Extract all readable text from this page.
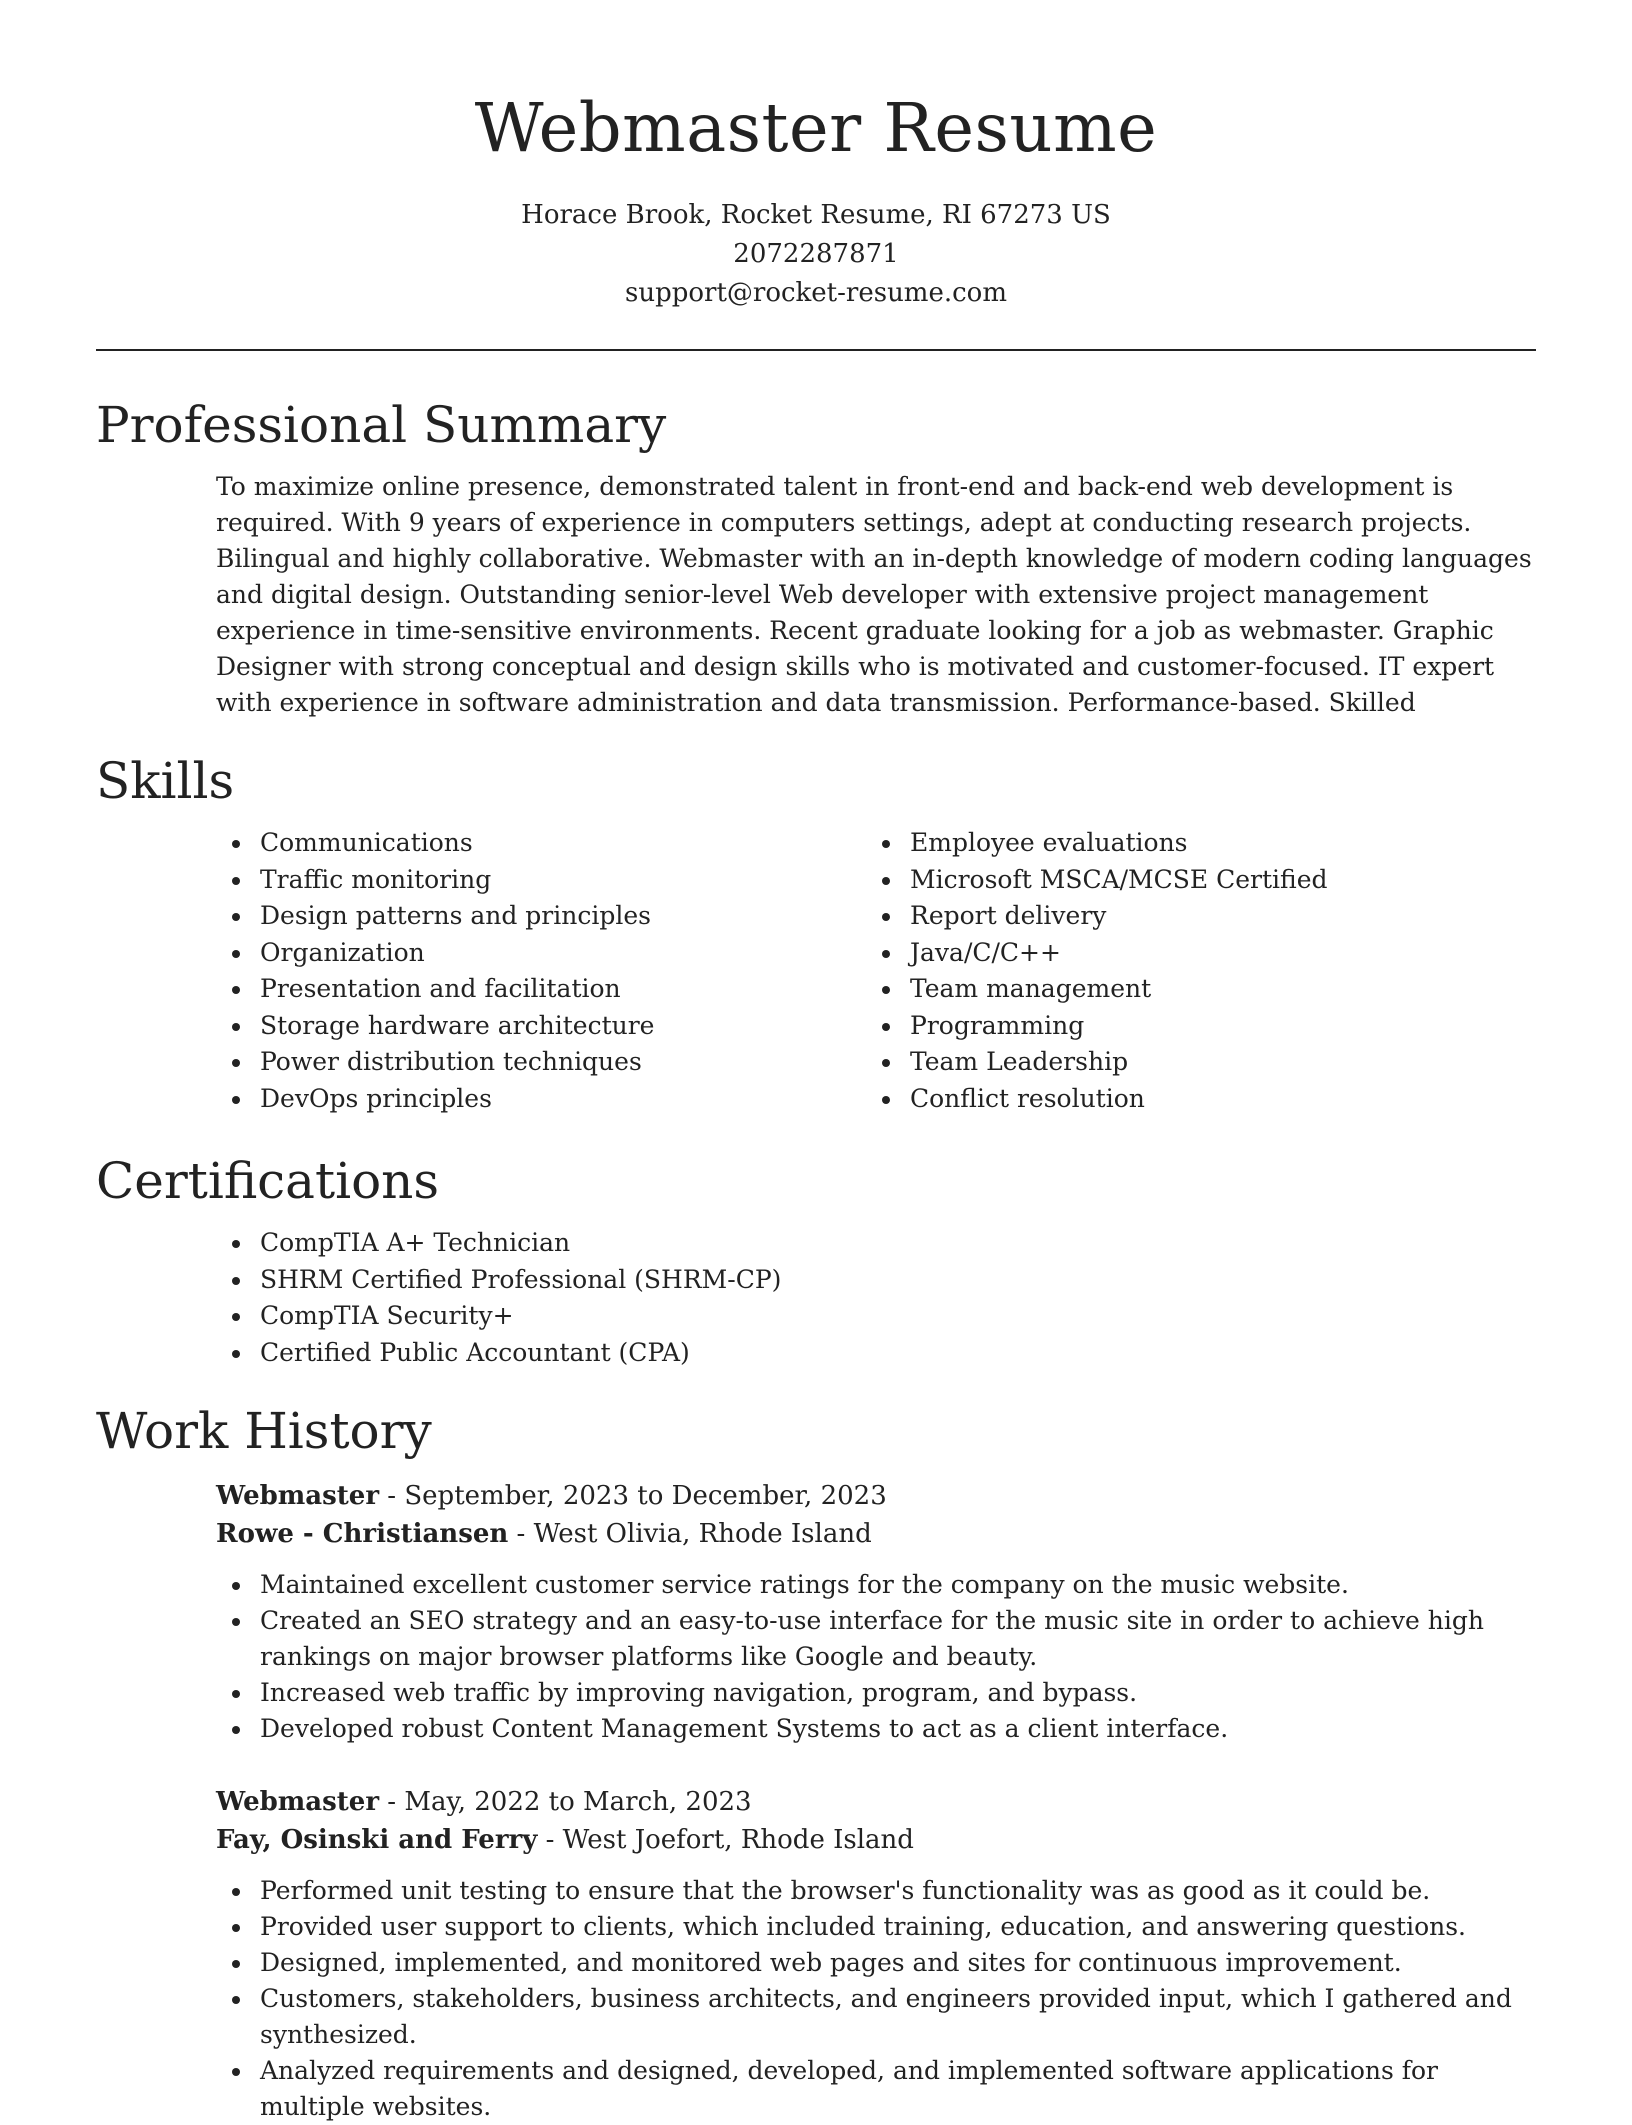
Webmaster Resume
Horace Brook, Rocket Resume, RI 67273 US
2072287871
support@rocket-resume.com
Professional Summary

To maximize online presence, demonstrated talent in front-end and back-end web development is required. With 9 years of experience in computers settings, adept at conducting research projects. Bilingual and highly collaborative. Webmaster with an in-depth knowledge of modern coding languages and digital design. Outstanding senior-level Web developer with extensive project management experience in time-sensitive environments. Recent graduate looking for a job as webmaster. Graphic Designer with strong conceptual and design skills who is motivated and customer-focused. IT expert with experience in software administration and data transmission. Performance-based. Skilled

Skills
Communications
Traffic monitoring
Design patterns and principles
Organization
Presentation and facilitation
Storage hardware architecture
Power distribution techniques
DevOps principles
Employee evaluations
Microsoft MSCA/MCSE Certified
Report delivery
Java/C/C++
Team management
Programming
Team Leadership
Conflict resolution
Certifications
CompTIA A+ Technician
SHRM Certified Professional (SHRM-CP)
CompTIA Security+
Certified Public Accountant (CPA)
Work History
Webmaster - September, 2023 to December, 2023
Rowe - Christiansen - West Olivia, Rhode Island
Maintained excellent customer service ratings for the company on the music website.
Created an SEO strategy and an easy-to-use interface for the music site in order to achieve high rankings on major browser platforms like Google and beauty.
Increased web traffic by improving navigation, program, and bypass.
Developed robust Content Management Systems to act as a client interface.
Webmaster - May, 2022 to March, 2023
Fay, Osinski and Ferry - West Joefort, Rhode Island
Performed unit testing to ensure that the browser's functionality was as good as it could be.
Provided user support to clients, which included training, education, and answering questions.
Designed, implemented, and monitored web pages and sites for continuous improvement.
Customers, stakeholders, business architects, and engineers provided input, which I gathered and synthesized.
Analyzed requirements and designed, developed, and implemented software applications for multiple websites.
